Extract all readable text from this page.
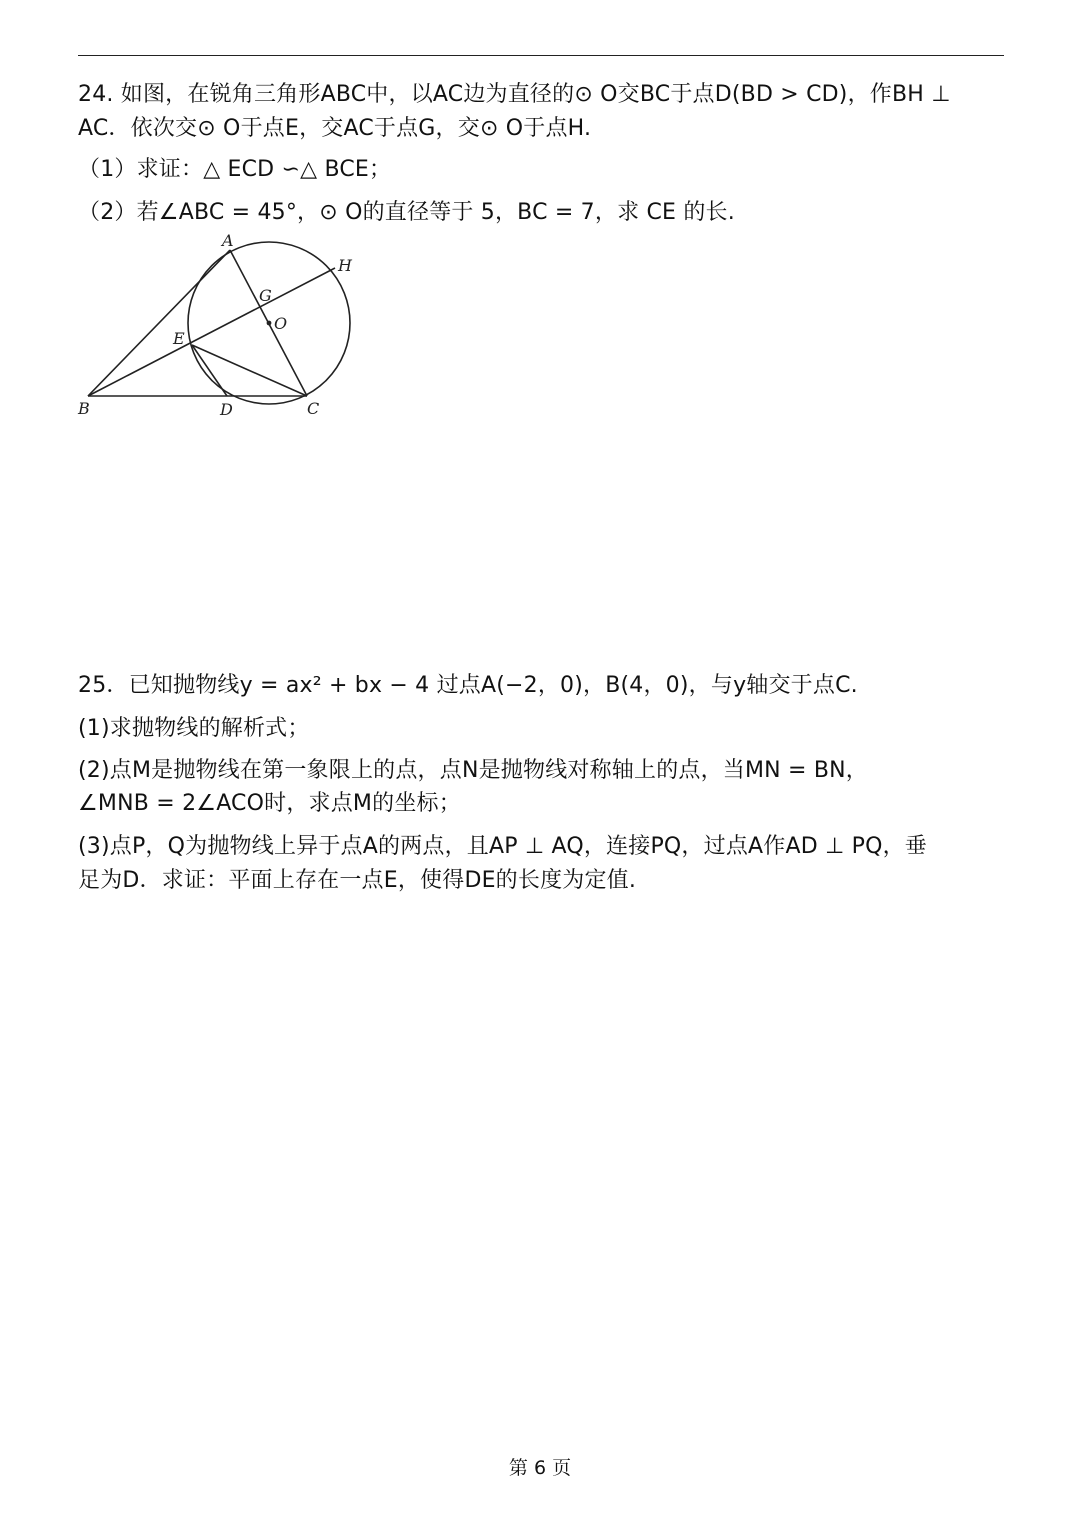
24. 如图，在锐角三角形ABC中，以AC边为直径的⊙ O交BC于点D(BD > CD)，作BH ⊥
AC．依次交⊙ O于点E，交AC于点G，交⊙ O于点H.
（1）求证：△ ECD ∽△ BCE；
（2）若∠ABC = 45°，⊙ O的直径等于 5，BC = 7，求 CE 的长.
A
H
G
O
E
B	D	C
25．已知抛物线y = ax² + bx − 4 过点A(−2，0)，B(4，0)，与y轴交于点C.
(1)求抛物线的解析式；
(2)点M是抛物线在第一象限上的点，点N是抛物线对称轴上的点，当MN = BN，
∠MNB = 2∠ACO时，求点M的坐标；
(3)点P，Q为抛物线上异于点A的两点，且AP ⊥ AQ，连接PQ，过点A作AD ⊥ PQ，垂
足为D．求证：平面上存在一点E，使得DE的长度为定值.
第 6 页
